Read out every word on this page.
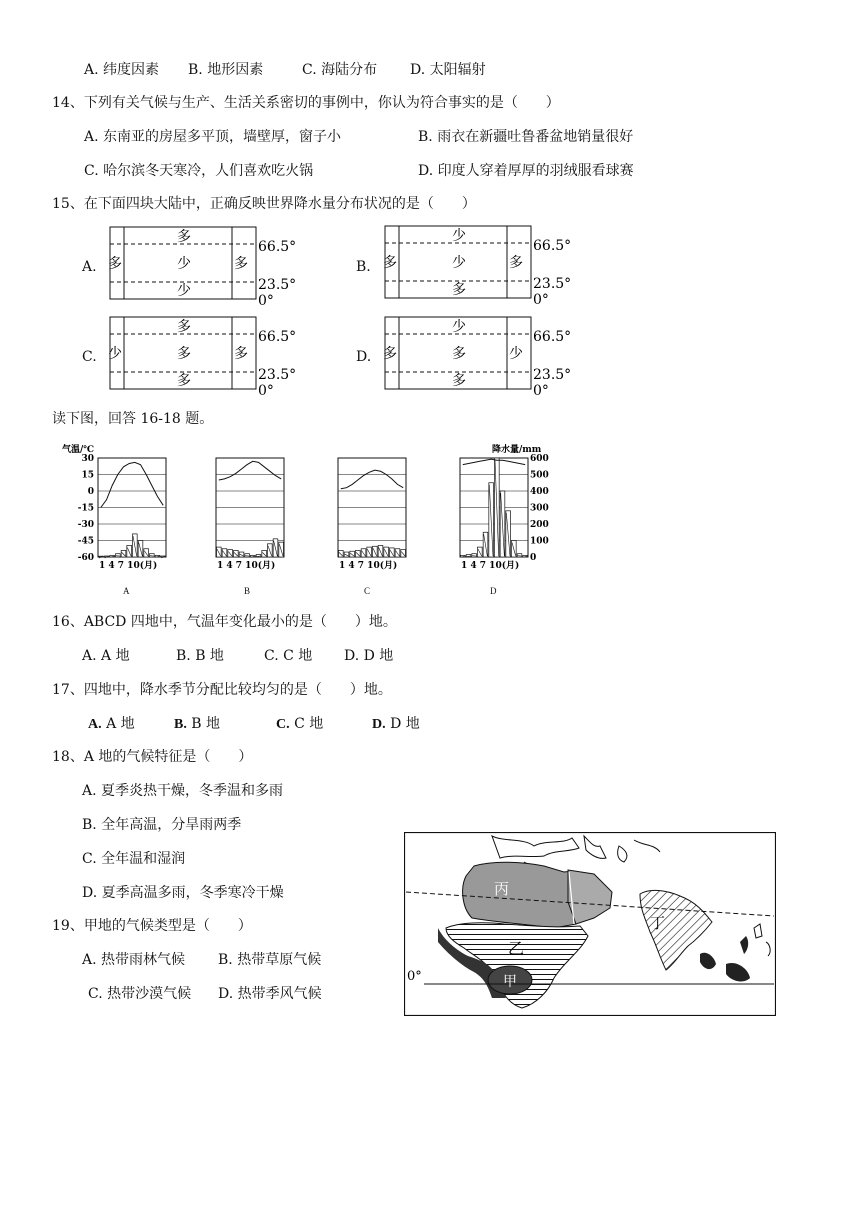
A. 纬度因素 B. 地形因素	C. 海陆分布 D. 太阳辐射
14、下列有关气候与生产、生活关系密切的事例中，你认为符合事实的是（　　）
A. 东南亚的房屋多平顶，墙壁厚，窗子小	B. 雨衣在新疆吐鲁番盆地销量很好
C. 哈尔滨冬天寒冷，人们喜欢吃火锅	D. 印度人穿着厚厚的羽绒服看球赛
15、在下面四块大陆中，正确反映世界降水量分布状况的是（　　）
A.	B.
C.	D.
多
少
多	多
少
66.5°
23.5°
0°
少
少
多	多
多
66.5°
23.5°
0°
多
多
少	多
多
66.5°
23.5°
0°
少
多
多	少
多
66.5°
23.5°
0°
读下图，回答 16-18 题。
气温/℃
30
15
0
-15
-30
-45
-60
降水量/mm
600
500
400
300
200
100
0
1 4 7 10(月)	1 4 7 10(月)	1 4 7 10(月)	1 4 7 10(月)
A	B	C	D
16、ABCD 四地中，气温年变化最小的是（　　）地。
A. A 地	B. B 地	C. C 地 D. D 地
17、四地中，降水季节分配比较均匀的是（　　）地。
A. A 地	B. B 地	C. C 地	D. D 地
18、A 地的气候特征是（　　）
A. 夏季炎热干燥，冬季温和多雨
B. 全年高温，分旱雨两季
C. 全年温和湿润
D. 夏季高温多雨，冬季寒冷干燥
19、甲地的气候类型是（　　）
A. 热带雨林气候 B. 热带草原气候
C. 热带沙漠气候 D. 热带季风气候
丙
乙
甲
丁
0°
